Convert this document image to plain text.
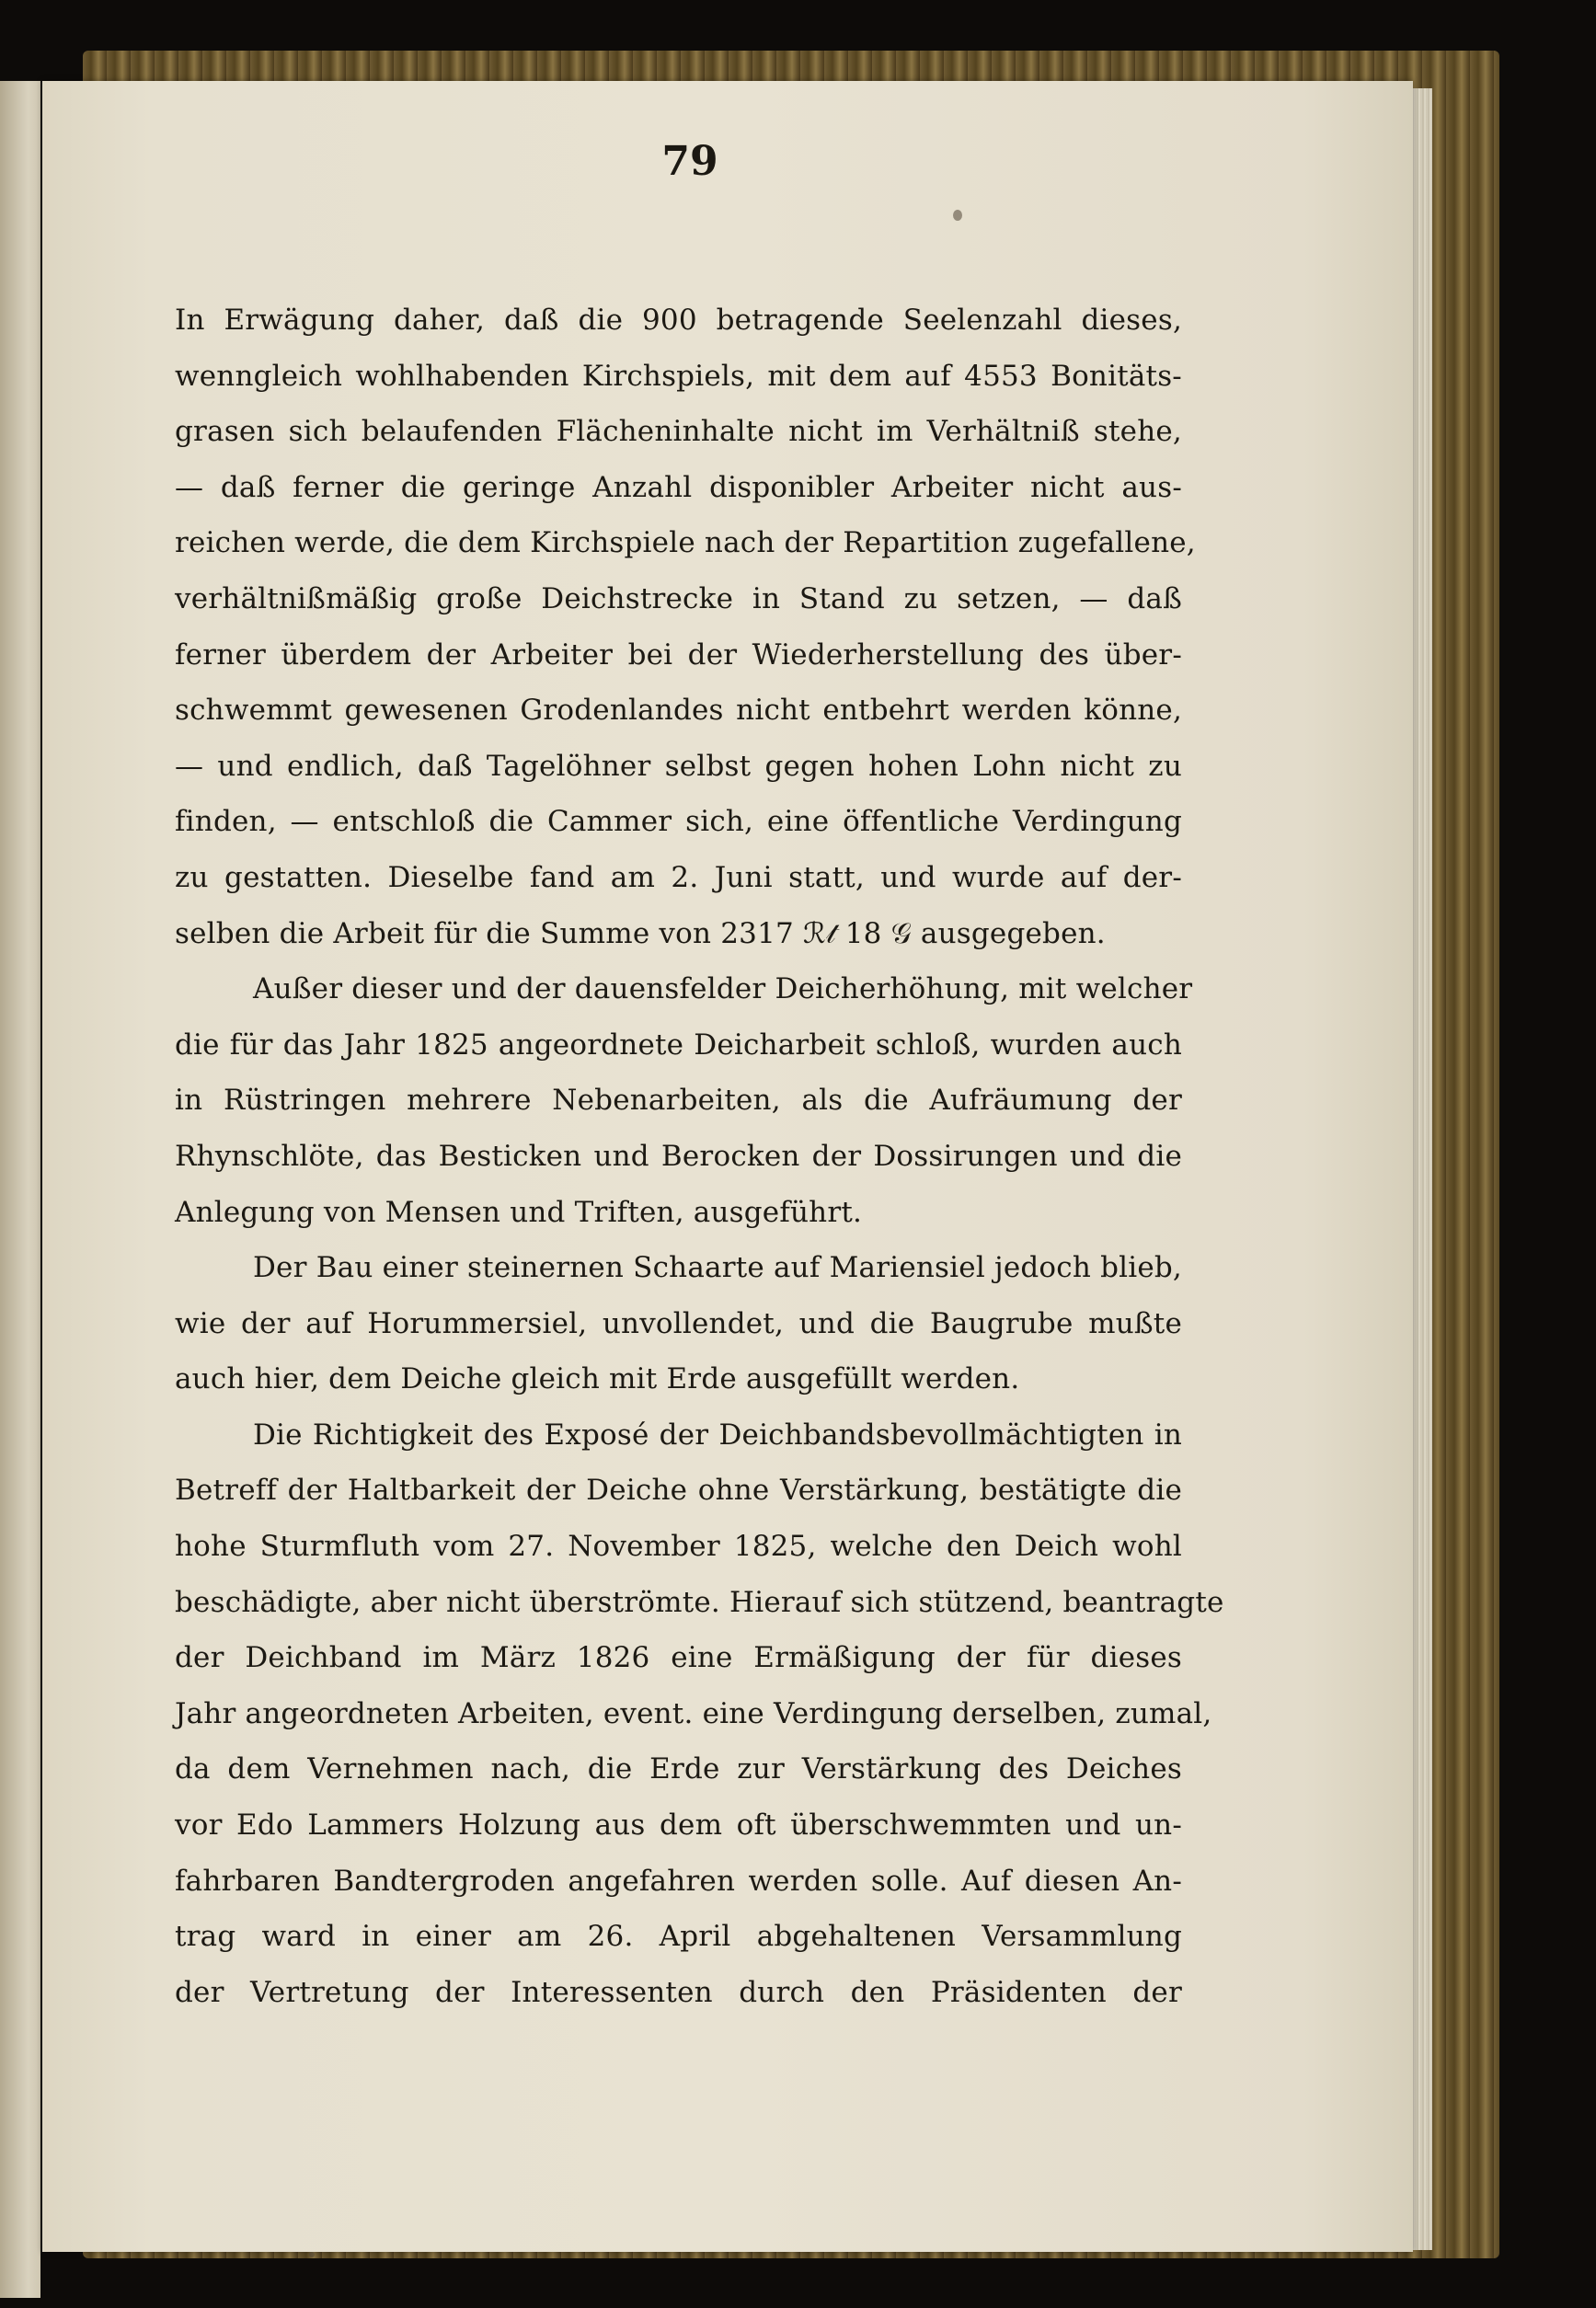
79
In Erwägung daher, daß die 900 betragende Seelenzahl dieses,
wenngleich wohlhabenden Kirchspiels, mit dem auf 4553 Bonitäts-
grasen sich belaufenden Flächeninhalte nicht im Verhältniß stehe,
— daß ferner die geringe Anzahl disponibler Arbeiter nicht aus-
reichen werde, die dem Kirchspiele nach der Repartition zugefallene,
verhältnißmäßig große Deichstrecke in Stand zu setzen, — daß
ferner überdem der Arbeiter bei der Wiederherstellung des über-
schwemmt gewesenen Grodenlandes nicht entbehrt werden könne,
— und endlich, daß Tagelöhner selbst gegen hohen Lohn nicht zu
finden, — entschloß die Cammer sich, eine öffentliche Verdingung
zu gestatten. Dieselbe fand am 2. Juni statt, und wurde auf der-
selben die Arbeit für die Summe von 2317 ℛ𝓉 18 𝒢 ausgegeben.
Außer dieser und der dauensfelder Deicherhöhung, mit welcher
die für das Jahr 1825 angeordnete Deicharbeit schloß, wurden auch
in Rüstringen mehrere Nebenarbeiten, als die Aufräumung der
Rhynschlöte, das Besticken und Berocken der Dossirungen und die
Anlegung von Mensen und Triften, ausgeführt.
Der Bau einer steinernen Schaarte auf Mariensiel jedoch blieb,
wie der auf Horummersiel, unvollendet, und die Baugrube mußte
auch hier, dem Deiche gleich mit Erde ausgefüllt werden.
Die Richtigkeit des Exposé der Deichbandsbevollmächtigten in
Betreff der Haltbarkeit der Deiche ohne Verstärkung, bestätigte die
hohe Sturmfluth vom 27. November 1825, welche den Deich wohl
beschädigte, aber nicht überströmte. Hierauf sich stützend, beantragte
der Deichband im März 1826 eine Ermäßigung der für dieses
Jahr angeordneten Arbeiten, event. eine Verdingung derselben, zumal,
da dem Vernehmen nach, die Erde zur Verstärkung des Deiches
vor Edo Lammers Holzung aus dem oft überschwemmten und un-
fahrbaren Bandtergroden angefahren werden solle. Auf diesen An-
trag ward in einer am 26. April abgehaltenen Versammlung
der Vertretung der Interessenten durch den Präsidenten der
